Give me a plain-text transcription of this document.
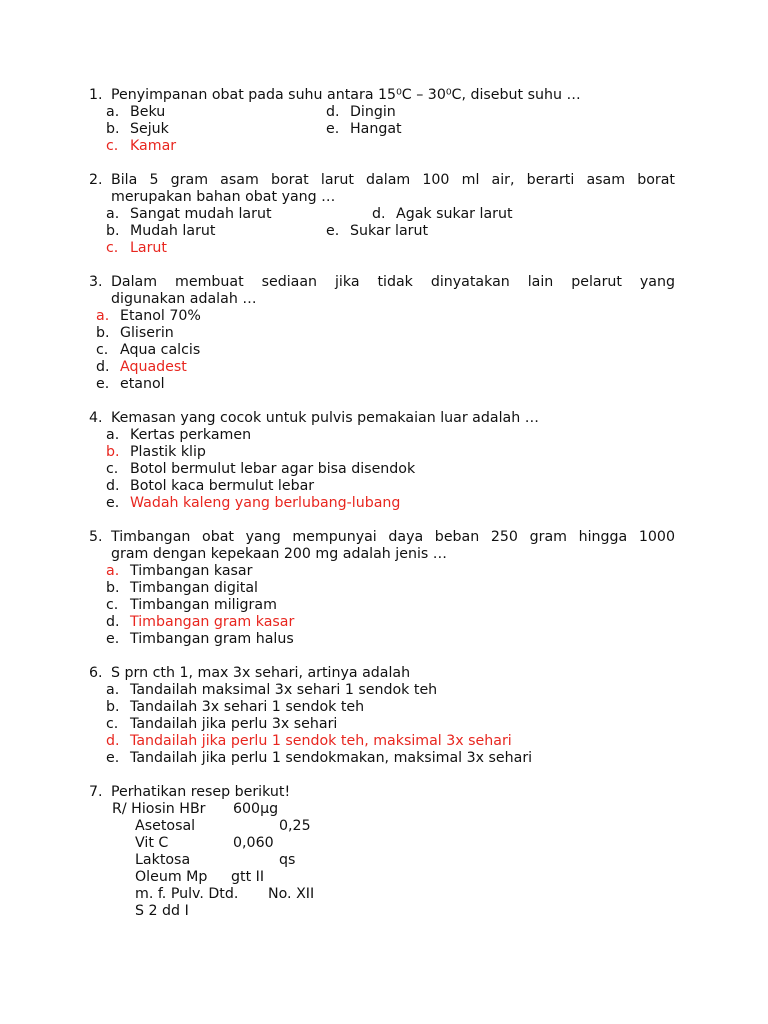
1. Penyimpanan obat pada suhu antara 15⁰C – 30⁰C, disebut suhu …
a. Beku	d. Dingin
b. Sejuk	e. Hangat
c. Kamar
2. Bila 5 gram asam borat larut dalam 100 ml air, berarti asam borat
merupakan bahan obat yang …
a. Sangat mudah larut	d. Agak sukar larut
b. Mudah larut	e. Sukar larut
c. Larut
3. Dalam membuat sediaan jika tidak dinyatakan lain pelarut yang
digunakan adalah …
a. Etanol 70%
b. Gliserin
c. Aqua calcis
d. Aquadest
e. etanol
4. Kemasan yang cocok untuk pulvis pemakaian luar adalah …
a. Kertas perkamen
b. Plastik klip
c. Botol bermulut lebar agar bisa disendok
d. Botol kaca bermulut lebar
e. Wadah kaleng yang berlubang-lubang
5. Timbangan obat yang mempunyai daya beban 250 gram hingga 1000
gram dengan kepekaan 200 mg adalah jenis …
a. Timbangan kasar
b. Timbangan digital
c. Timbangan miligram
d. Timbangan gram kasar
e. Timbangan gram halus
6. S prn cth 1, max 3x sehari, artinya adalah
a. Tandailah maksimal 3x sehari 1 sendok teh
b. Tandailah 3x sehari 1 sendok teh
c. Tandailah jika perlu 3x sehari
d. Tandailah jika perlu 1 sendok teh, maksimal 3x sehari
e. Tandailah jika perlu 1 sendokmakan, maksimal 3x sehari
7. Perhatikan resep berikut!
R/ Hiosin HBr	600µg
Asetosal	0,25
Vit C	0,060
Laktosa	qs
Oleum Mp	gtt II
m. f. Pulv. Dtd.	No. XII
S 2 dd I
